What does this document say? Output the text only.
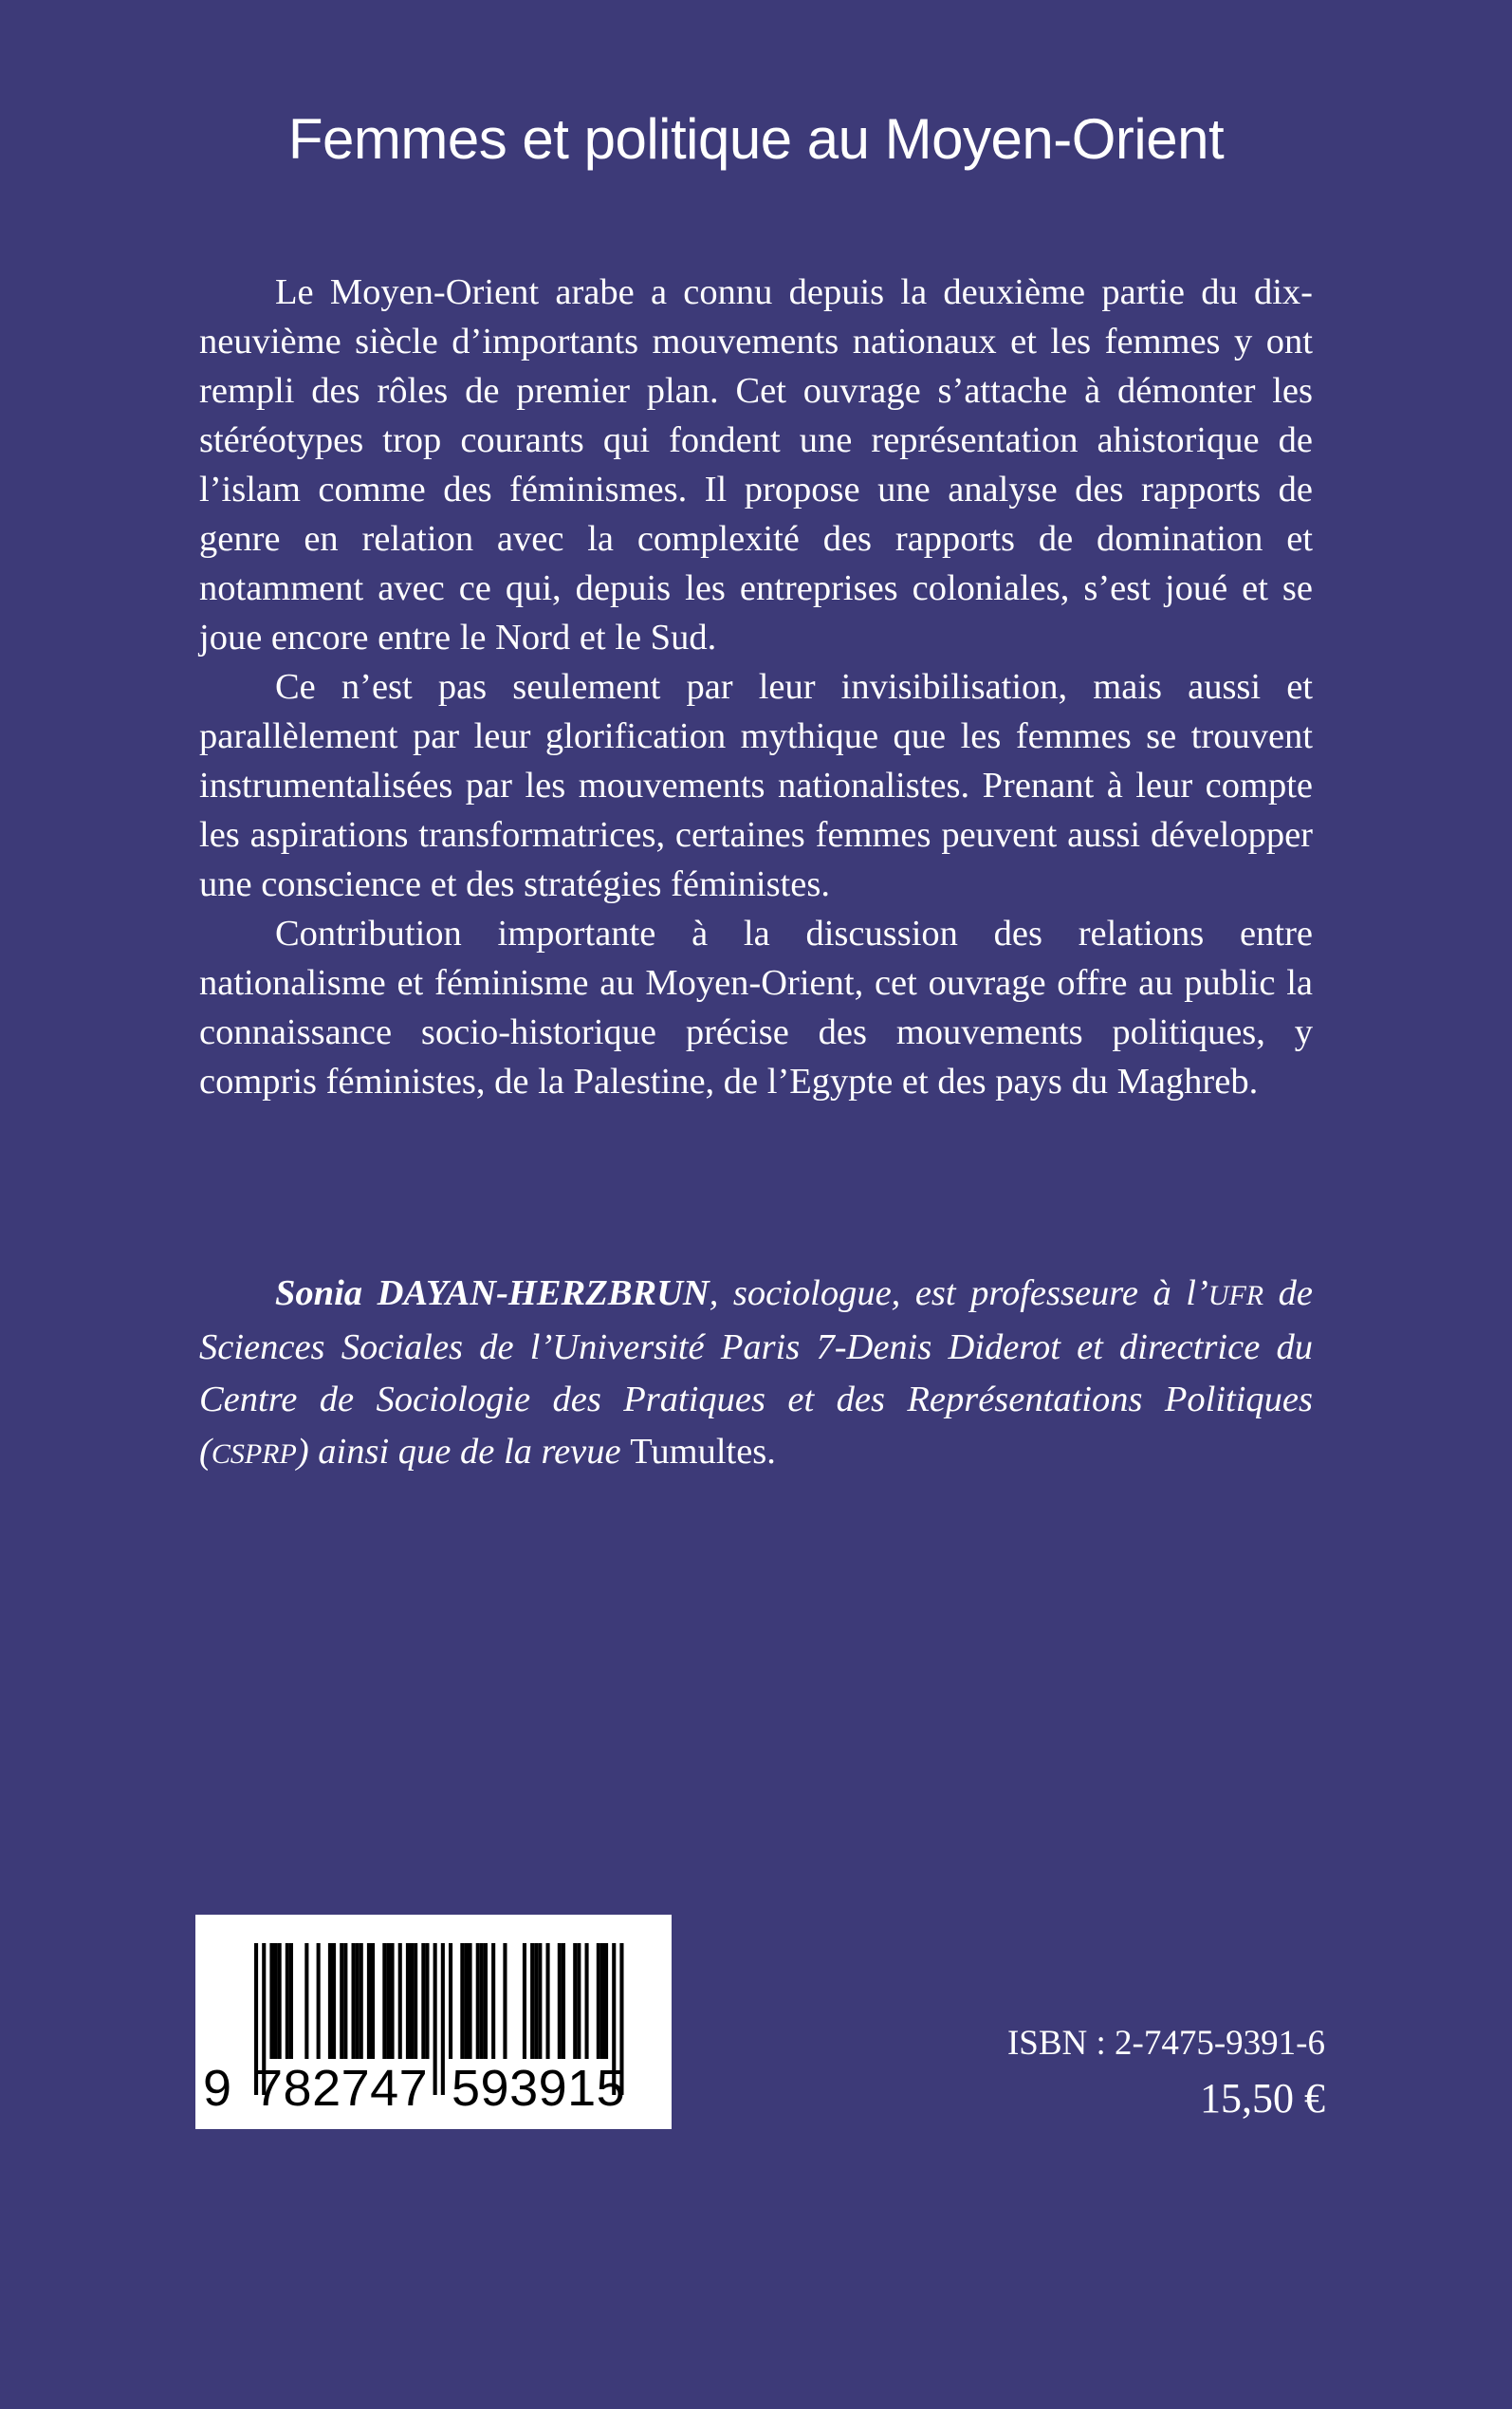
Femmes et politique au Moyen-Orient

Le Moyen-Orient arabe a connu depuis la deuxième partie du dix-neuvième siècle d’importants mouvements nationaux et les femmes y ont rempli des rôles de premier plan. Cet ouvrage s’attache à démonter les stéréotypes trop courants qui fondent une représentation ahistorique de l’islam comme des féminismes. Il propose une analyse des rapports de genre en relation avec la complexité des rapports de domination et notamment avec ce qui, depuis les entreprises coloniales, s’est joué et se joue encore entre le Nord et le Sud.

Ce n’est pas seulement par leur invisibilisation, mais aussi et parallèlement par leur glorification mythique que les femmes se trouvent instrumentalisées par les mouvements nationalistes. Prenant à leur compte les aspirations transformatrices, certaines femmes peuvent aussi développer une conscience et des stratégies féministes.

Contribution importante à la discussion des relations entre nationalisme et féminisme au Moyen-Orient, cet ouvrage offre au public la connaissance socio-historique précise des mouvements politiques, y compris féministes, de la Palestine, de l’Egypte et des pays du Maghreb.

Sonia DAYAN-HERZBRUN, sociologue, est professeure à l’UFR de Sciences Sociales de l’Université Paris 7-Denis Diderot et directrice du Centre de Sociologie des Pratiques et des Représentations Politiques (CSPRP) ainsi que de la revue Tumultes.

9 782747 593915

ISBN : 2-7475-9391-6

15,50 €
